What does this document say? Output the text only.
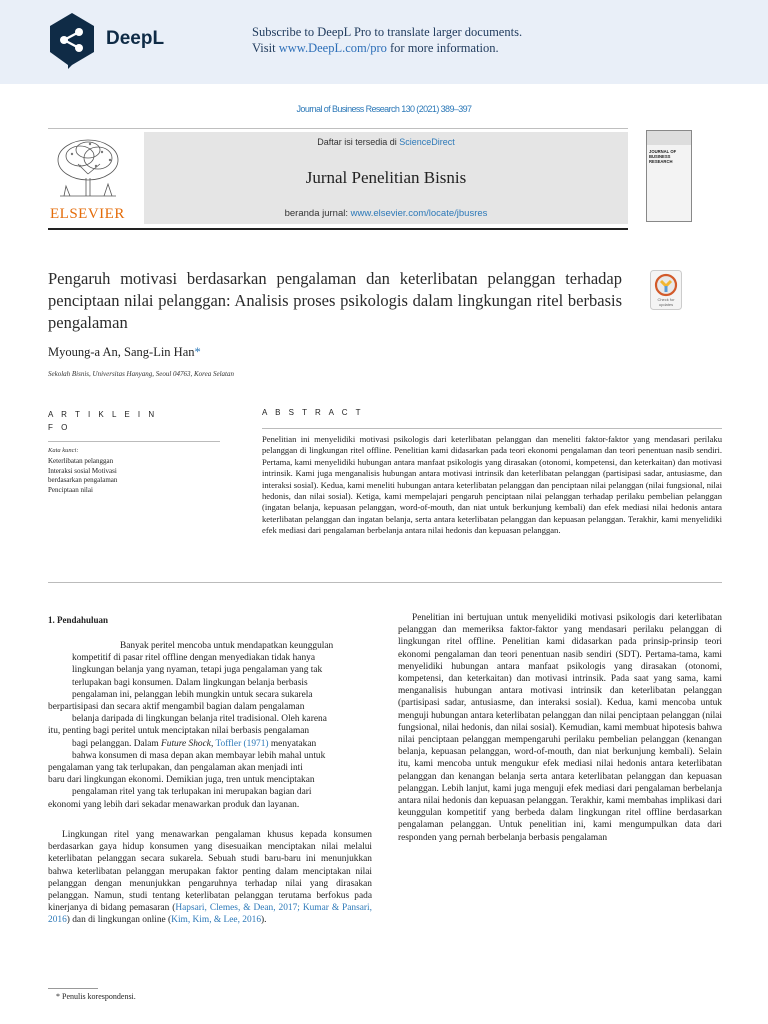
DeepL	Subscribe to DeepL Pro to translate larger documents.
Visit www.DeepL.com/pro for more information.
Journal of Business Research 130 (2021) 389–397
ELSEVIER
Daftar isi tersedia di ScienceDirect
Jurnal Penelitian Bisnis
beranda jurnal: www.elsevier.com/locate/jbusres
JOURNAL OF BUSINESS RESEARCH
Pengaruh motivasi berdasarkan pengalaman dan keterlibatan pelanggan terhadap penciptaan nilai pelanggan: Analisis proses psikologis dalam lingkungan ritel berbasis pengalaman
Check for
updates
Myoung-a An, Sang-Lin Han*
Sekolah Bisnis, Universitas Hanyang, Seoul 04763, Korea Selatan
A R T I K L E I N F O
Kata kunci:
Keterlibatan pelanggan
Interaksi sosial Motivasi
berdasarkan pengalaman
Penciptaan nilai
A B S T R A C T
Penelitian ini menyelidiki motivasi psikologis dari keterlibatan pelanggan dan meneliti faktor-faktor yang mendasari perilaku pelanggan di lingkungan ritel offline. Penelitian kami didasarkan pada teori ekonomi pengalaman dan teori penentuan nasib sendiri. Pertama, kami menyelidiki hubungan antara manfaat psikologis yang dirasakan (otonomi, kompetensi, dan keterkaitan) dan motivasi intrinsik. Kami juga menganalisis hubungan antara motivasi intrinsik dan keterlibatan pelanggan (partisipasi sadar, antusiasme, dan interaksi sosial). Kedua, kami meneliti hubungan antara keterlibatan pelanggan dan penciptaan nilai pelanggan (nilai fungsional, nilai hedonis, dan nilai sosial). Ketiga, kami mempelajari pengaruh penciptaan nilai pelanggan terhadap perilaku pembelian pelanggan (ingatan belanja, kepuasan pelanggan, word-of-mouth, dan niat untuk berkunjung kembali) dan efek mediasi nilai hedonis antara keterlibatan pelanggan dan ingatan belanja, serta antara keterlibatan pelanggan dan kepuasan pelanggan. Terakhir, kami menyelidiki efek mediasi dari pengalaman berbelanja antara nilai hedonis dan kepuasan pelanggan.
1. Pendahuluan
Banyak peritel mencoba untuk mendapatkan keunggulan
kompetitif di pasar ritel offline dengan menyediakan tidak hanya
lingkungan belanja yang nyaman, tetapi juga pengalaman yang tak
terlupakan bagi konsumen. Dalam lingkungan belanja berbasis
pengalaman ini, pelanggan lebih mungkin untuk secara sukarela
berpartisipasi dan secara aktif mengambil bagian dalam pengalaman
belanja daripada di lingkungan belanja ritel tradisional. Oleh karena
itu, penting bagi peritel untuk menciptakan nilai berbasis pengalaman
bagi pelanggan. Dalam Future Shock, Toffler (1971) menyatakan
bahwa konsumen di masa depan akan membayar lebih mahal untuk
pengalaman yang tak terlupakan, dan pengalaman akan menjadi inti
baru dari lingkungan ekonomi. Demikian juga, tren untuk menciptakan
pengalaman ritel yang tak terlupakan ini merupakan bagian dari
ekonomi yang lebih dari sekadar menawarkan produk dan layanan.
Lingkungan ritel yang menawarkan pengalaman khusus kepada konsumen berdasarkan gaya hidup konsumen yang disesuaikan menciptakan nilai melalui keterlibatan pelanggan secara sukarela. Sebuah studi baru-baru ini menunjukkan bahwa keterlibatan pelanggan merupakan faktor penting dalam menciptakan nilai pelanggan dengan menunjukkan pengaruhnya terhadap nilai yang dirasakan pelanggan. Namun, studi tentang keterlibatan pelanggan terutama berfokus pada kinerjanya di bidang pemasaran (Hapsari, Clemes, & Dean, 2017; Kumar & Pansari, 2016) dan di lingkungan online (Kim, Kim, & Lee, 2016).
Penelitian ini bertujuan untuk menyelidiki motivasi psikologis dari keterlibatan pelanggan dan memeriksa faktor-faktor yang mendasari perilaku pelanggan di lingkungan ritel offline. Penelitian kami didasarkan pada prinsip-prinsip teori ekonomi pengalaman dan teori penentuan nasib sendiri (SDT). Pertama-tama, kami menyelidiki hubungan antara manfaat psikologis yang dirasakan (otonomi, kompetensi, dan keterkaitan) dan motivasi intrinsik. Pada saat yang sama, kami menganalisis hubungan antara motivasi intrinsik dan keterlibatan pelanggan (partisipasi sadar, antusiasme, dan interaksi sosial). Kedua, kami mencoba untuk menguji hubungan antara keterlibatan pelanggan dan nilai penciptaan pelanggan (nilai fungsional, nilai hedonis, dan nilai sosial). Kemudian, kami membuat hipotesis bahwa nilai penciptaan pelanggan mempengaruhi perilaku pembelian pelanggan (kenangan belanja, kepuasan pelanggan, word-of-mouth, dan niat berkunjung kembali). Selain itu, kami mencoba untuk mengukur efek mediasi nilai hedonis antara keterlibatan pelanggan dan kenangan belanja serta antara keterlibatan pelanggan dan kepuasan pelanggan. Lebih lanjut, kami juga menguji efek mediasi dari pengalaman berbelanja antara nilai hedonis dan kepuasan pelanggan. Terakhir, kami membahas implikasi dari keunggulan kompetitif yang berbeda dalam lingkungan ritel offline berdasarkan pengalaman pelanggan. Untuk penelitian ini, kami mengumpulkan data dari responden yang pernah berbelanja berbasis pengalaman
* Penulis korespondensi.
